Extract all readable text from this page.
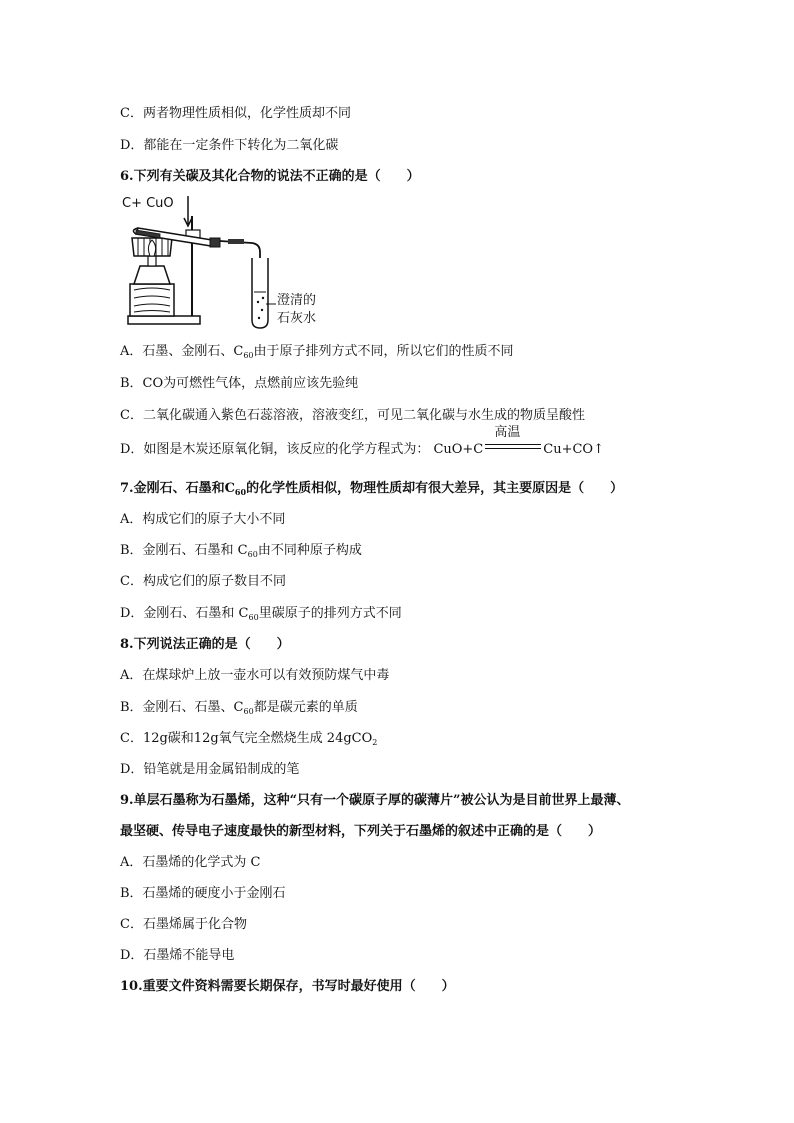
C．两者物理性质相似，化学性质却不同
D．都能在一定条件下转化为二氧化碳
6.下列有关碳及其化合物的说法不正确的是（　　）
C+ CuO
澄清的
石灰水
A．石墨、金刚石、$C_{60}$由于原子排列方式不同，所以它们的性质不同
B．CO为可燃性气体，点燃前应该先验纯
C．二氧化碳通入紫色石蕊溶液，溶液变红，可见二氧化碳与水生成的物质呈酸性
D．如图是木炭还原氧化铜，该反应的化学方程式为： CuO+C
高温
Cu+CO↑
7.金刚石、石墨和$C_{60}$的化学性质相似，物理性质却有很大差异，其主要原因是（　　）
A．构成它们的原子大小不同
B．金刚石、石墨和 $C_{60}$由不同种原子构成
C．构成它们的原子数目不同
D．金刚石、石墨和 $C_{60}$里碳原子的排列方式不同
8.下列说法正确的是（　　）
A．在煤球炉上放一壶水可以有效预防煤气中毒
B．金刚石、石墨、$C_{60}$都是碳元素的单质
C．12g碳和12g氧气完全燃烧生成 24gCO$_2$
D．铅笔就是用金属铅制成的笔
9.单层石墨称为石墨烯，这种“只有一个碳原子厚的碳薄片”被公认为是目前世界上最薄、
最坚硬、传导电子速度最快的新型材料，下列关于石墨烯的叙述中正确的是（　　）
A．石墨烯的化学式为 C
B．石墨烯的硬度小于金刚石
C．石墨烯属于化合物
D．石墨烯不能导电
10.重要文件资料需要长期保存，书写时最好使用（　　）
